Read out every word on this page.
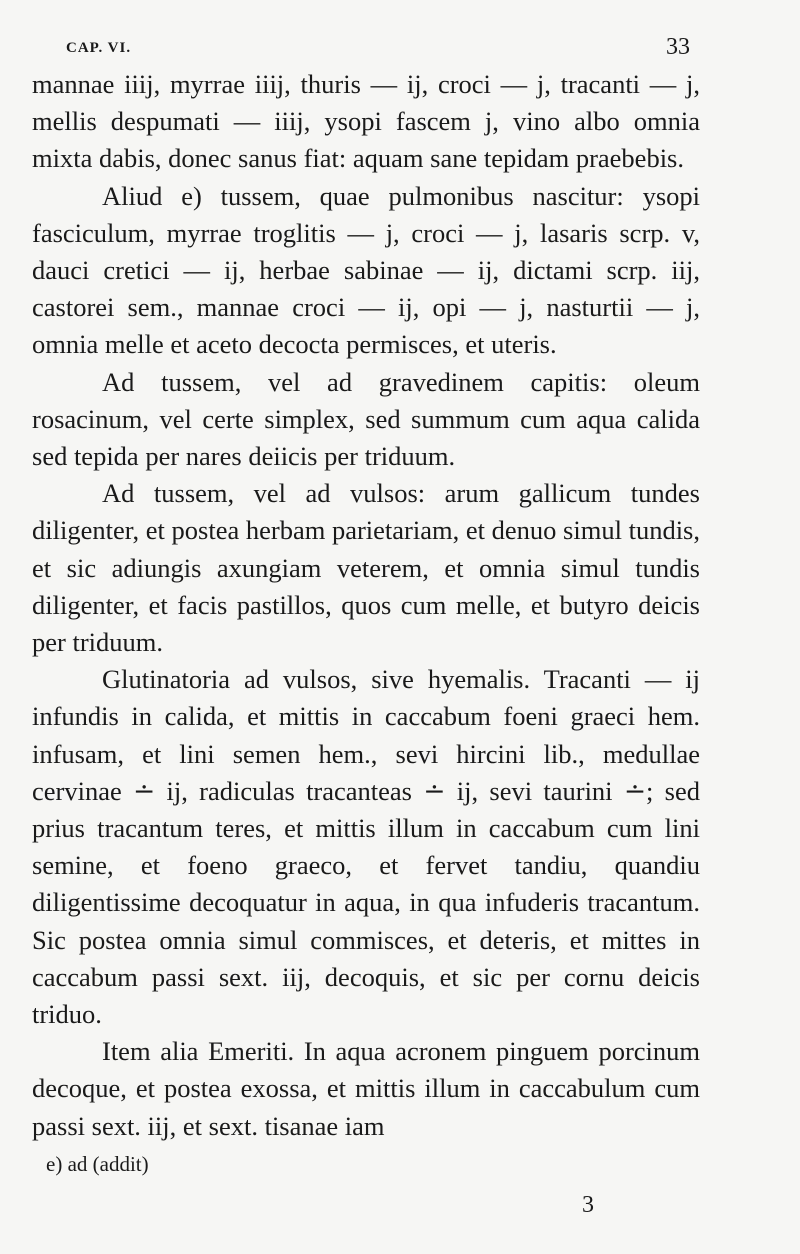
CAP. VI.	33

mannae iiij, myrrae iiij, thuris — ij, croci — j, tracanti — j, mellis despumati — iiij, ysopi fascem j, vino albo omnia mixta dabis, donec sanus fiat: aquam sane tepidam praebebis.

Aliud e) tussem, quae pulmonibus nascitur: ysopi fasciculum, myrrae troglitis — j, croci — j, lasaris scrp. v, dauci cretici — ij, herbae sabinae — ij, dictami scrp. iij, castorei sem., mannae croci — ij, opi — j, nasturtii — j, omnia melle et aceto decocta permisces, et uteris.

Ad tussem, vel ad gravedinem capitis: oleum rosacinum, vel certe simplex, sed summum cum aqua calida sed tepida per nares deiicis per triduum.

Ad tussem, vel ad vulsos: arum gallicum tundes diligenter, et postea herbam parietariam, et denuo simul tundis, et sic adiungis axungiam veterem, et omnia simul tundis diligenter, et facis pastillos, quos cum melle, et butyro deicis per triduum.

Glutinatoria ad vulsos, sive hyemalis. Tracanti — ij infundis in calida, et mittis in caccabum foeni graeci hem. infusam, et lini semen hem., sevi hircini lib., medullae cervinae ∸ ij, radiculas tracanteas ∸ ij, sevi taurini ∸; sed prius tracantum teres, et mittis illum in caccabum cum lini semine, et foeno graeco, et fervet tandiu, quandiu diligentissime decoquatur in aqua, in qua infuderis tracantum. Sic postea omnia simul commisces, et deteris, et mittes in caccabum passi sext. iij, decoquis, et sic per cornu deicis triduo.

Item alia Emeriti. In aqua acronem pinguem porcinum decoque, et postea exossa, et mittis illum in caccabulum cum passi sext. iij, et sext. tisanae iam

e) ad (addit)
3
